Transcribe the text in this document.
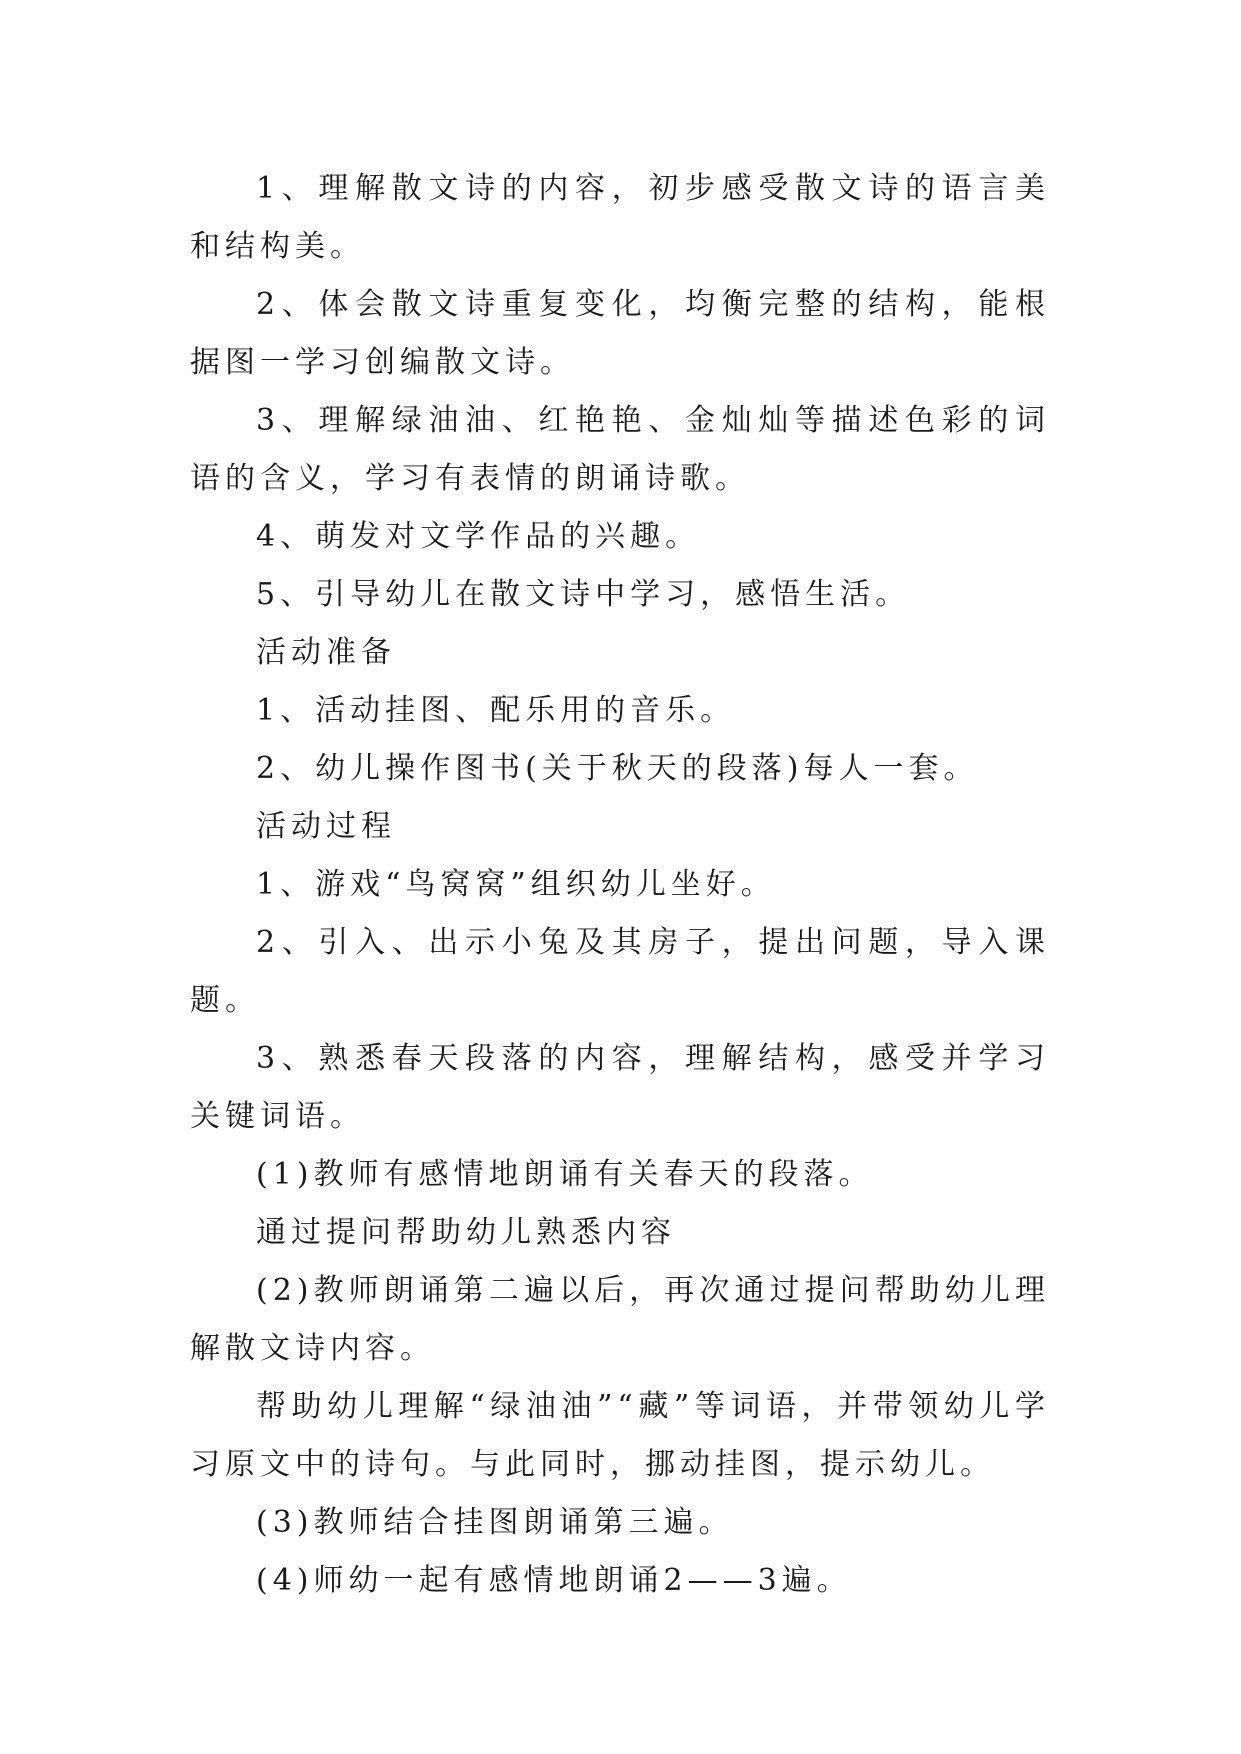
1、理解散文诗的内容，初步感受散文诗的语言美和结构美。

2、体会散文诗重复变化，均衡完整的结构，能根据图一学习创编散文诗。

3、理解绿油油、红艳艳、金灿灿等描述色彩的词语的含义，学习有表情的朗诵诗歌。

4、萌发对文学作品的兴趣。

5、引导幼儿在散文诗中学习，感悟生活。

活动准备

1、活动挂图、配乐用的音乐。

2、幼儿操作图书(关于秋天的段落)每人一套。

活动过程

1、游戏“鸟窝窝”组织幼儿坐好。

2、引入、出示小兔及其房子，提出问题，导入课题。

3、熟悉春天段落的内容，理解结构，感受并学习关键词语。

(1)教师有感情地朗诵有关春天的段落。

通过提问帮助幼儿熟悉内容

(2)教师朗诵第二遍以后，再次通过提问帮助幼儿理解散文诗内容。

帮助幼儿理解“绿油油”“藏”等词语，并带领幼儿学习原文中的诗句。与此同时，挪动挂图，提示幼儿。

(3)教师结合挂图朗诵第三遍。

(4)师幼一起有感情地朗诵2——3遍。
